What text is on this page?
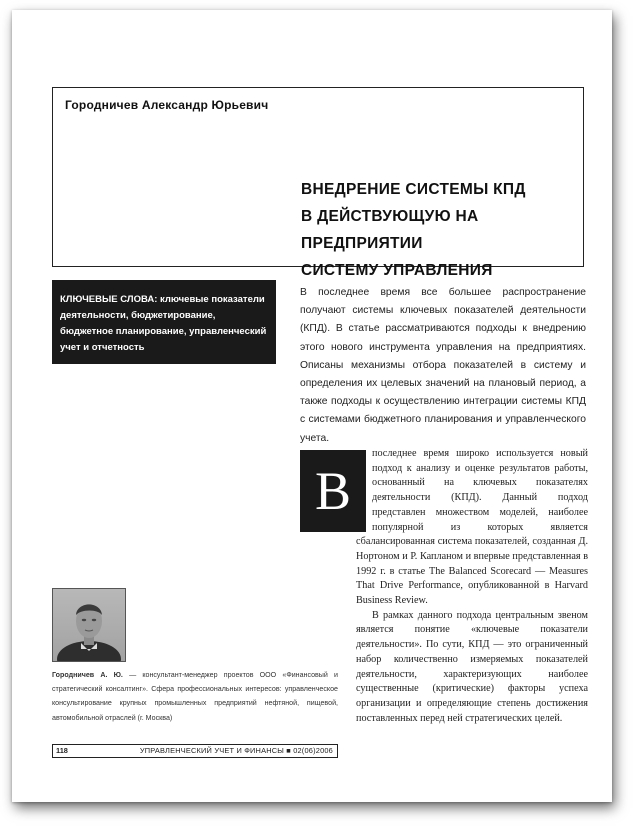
Городничев Александр Юрьевич
ВНЕДРЕНИЕ СИСТЕМЫ КПД
В ДЕЙСТВУЮЩУЮ НА ПРЕДПРИЯТИИ
СИСТЕМУ УПРАВЛЕНИЯ
КЛЮЧЕВЫЕ СЛОВА: ключевые показатели деятельности, бюджетирование, бюджетное планирование, управленческий учет и отчетность
В последнее время все большее распространение получают системы ключевых показателей деятельности (КПД). В статье рассматриваются подходы к внедрению этого нового инструмента управления на предприятиях. Описаны механизмы отбора показателей в систему и определения их целевых значений на плановый период, а также подходы к осуществлению интеграции системы КПД с системами бюджетного планирования и управленческого учета.

В
последнее время широко используется новый подход к анализу и оценке результатов работы, основанный на ключевых показателях деятельности (КПД). Данный подход представлен множеством моделей, наиболее популярной из которых является сбалансированная система показателей, созданная Д. Нортоном и Р. Капланом и впервые представленная в 1992 г. в статье The Balanced Scorecard — Measures That Drive Performance, опубликованной в Harvard Business Review.

В рамках данного подхода центральным звеном является понятие «ключевые показатели деятельности». По сути, КПД — это ограниченный набор количественно измеряемых показателей деятельности, характеризующих наиболее существенные (критические) факторы успеха организации и определяющие степень достижения поставленных перед ней стратегических целей.

Городничев А. Ю. — консультант-менеджер проектов ООО «Финансовый и стратегический консалтинг». Сфера профессиональных интересов: управленческое консультирование крупных промышленных предприятий нефтяной, пищевой, автомобильной отраслей (г. Москва)
118	УПРАВЛЕНЧЕСКИЙ УЧЕТ И ФИНАНСЫ ■ 02(06)2006
